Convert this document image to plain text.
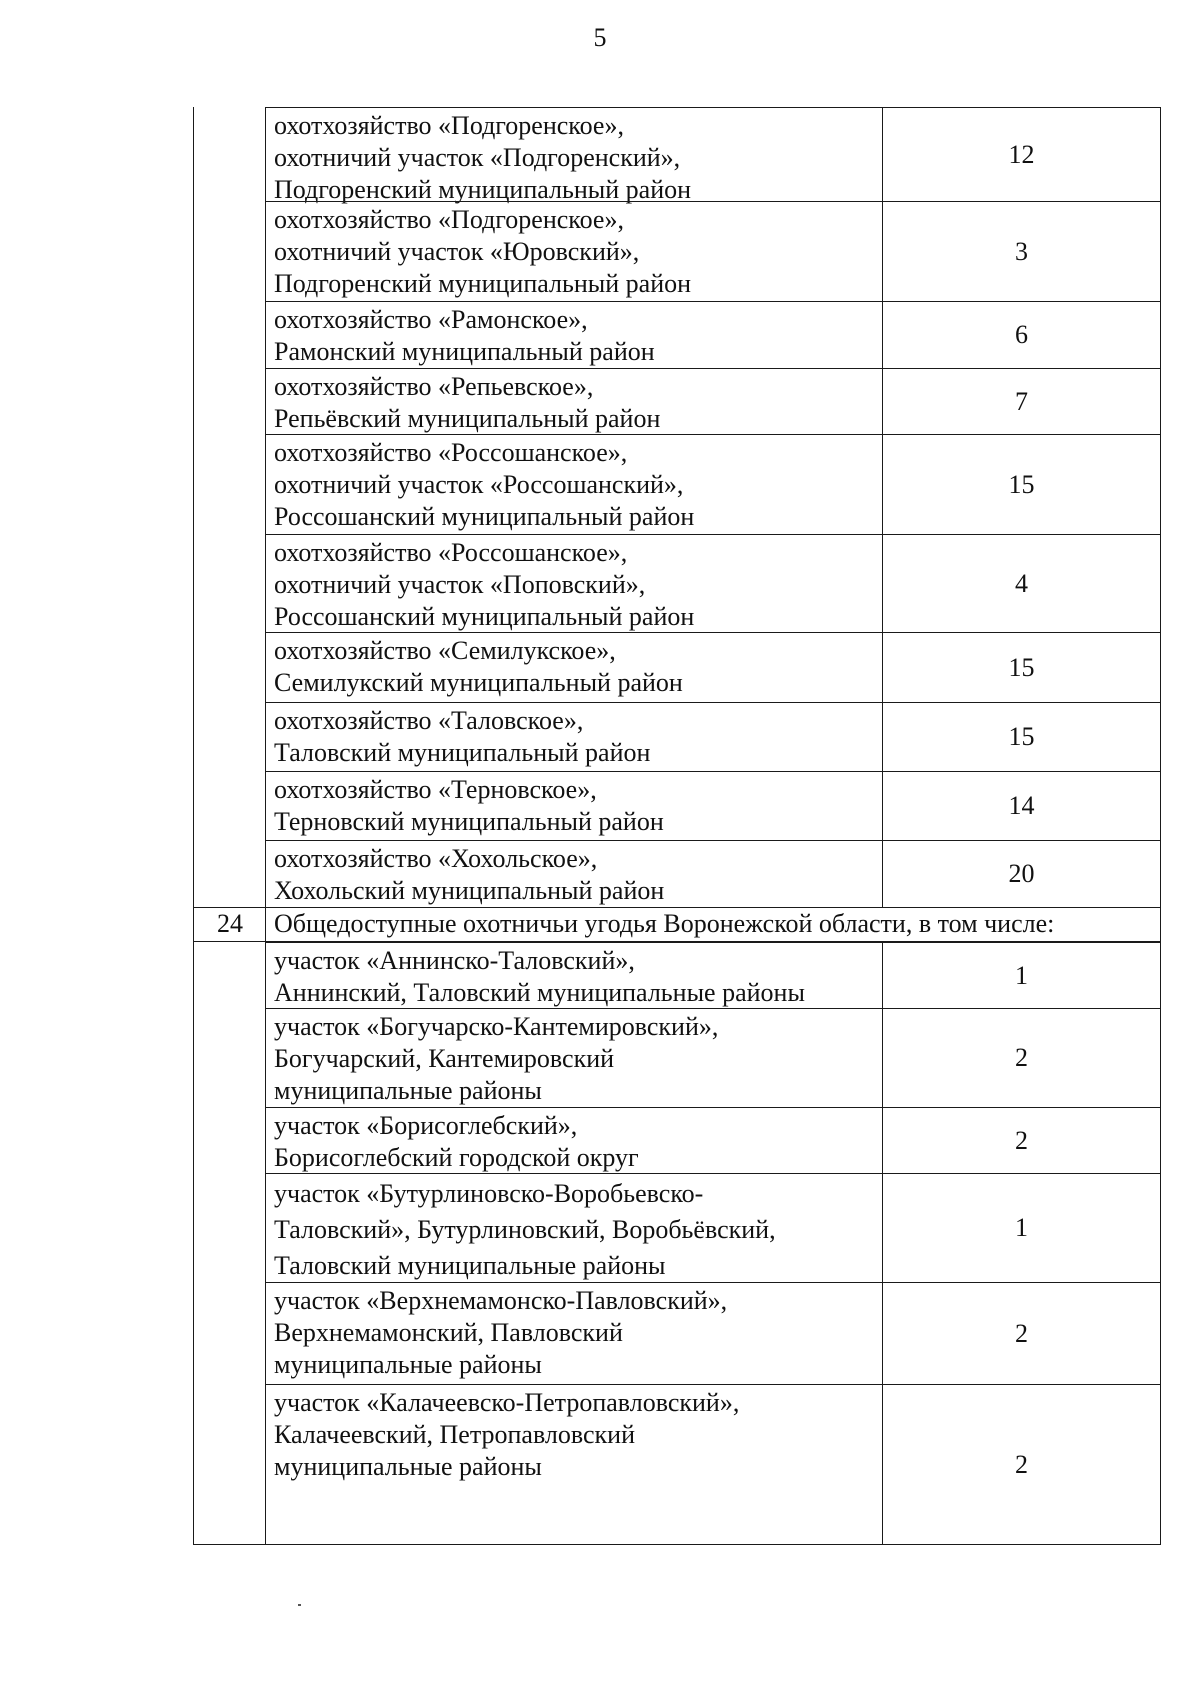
5
охотхозяйство «Подгоренское»,
охотничий участок «Подгоренский»,
Подгоренский муниципальный район
12
охотхозяйство «Подгоренское»,
охотничий участок «Юровский»,
Подгоренский муниципальный район
3
охотхозяйство «Рамонское»,
Рамонский муниципальный район
6
охотхозяйство «Репьевское»,
Репьёвский муниципальный район
7
охотхозяйство «Россошанское»,
охотничий участок «Россошанский»,
Россошанский муниципальный район
15
охотхозяйство «Россошанское»,
охотничий участок «Поповский»,
Россошанский муниципальный район
4
охотхозяйство «Семилукское»,
Семилукский муниципальный район
15
охотхозяйство «Таловское»,
Таловский муниципальный район
15
охотхозяйство «Терновское»,
Терновский муниципальный район
14
охотхозяйство «Хохольское»,
Хохольский муниципальный район
20
24	Общедоступные охотничьи угодья Воронежской области, в том числе:
участок «Аннинско-Таловский»,
Аннинский, Таловский муниципальные районы
1
участок «Богучарско-Кантемировский»,
Богучарский, Кантемировский
муниципальные районы
2
участок «Борисоглебский»,
Борисоглебский городской округ
2
участок «Бутурлиновско-Воробьевско-
Таловский», Бутурлиновский, Воробьёвский,
Таловский муниципальные районы
1
участок «Верхнемамонско-Павловский»,
Верхнемамонский, Павловский
муниципальные районы
2
участок «Калачеевско-Петропавловский»,
Калачеевский, Петропавловский
муниципальные районы	2
